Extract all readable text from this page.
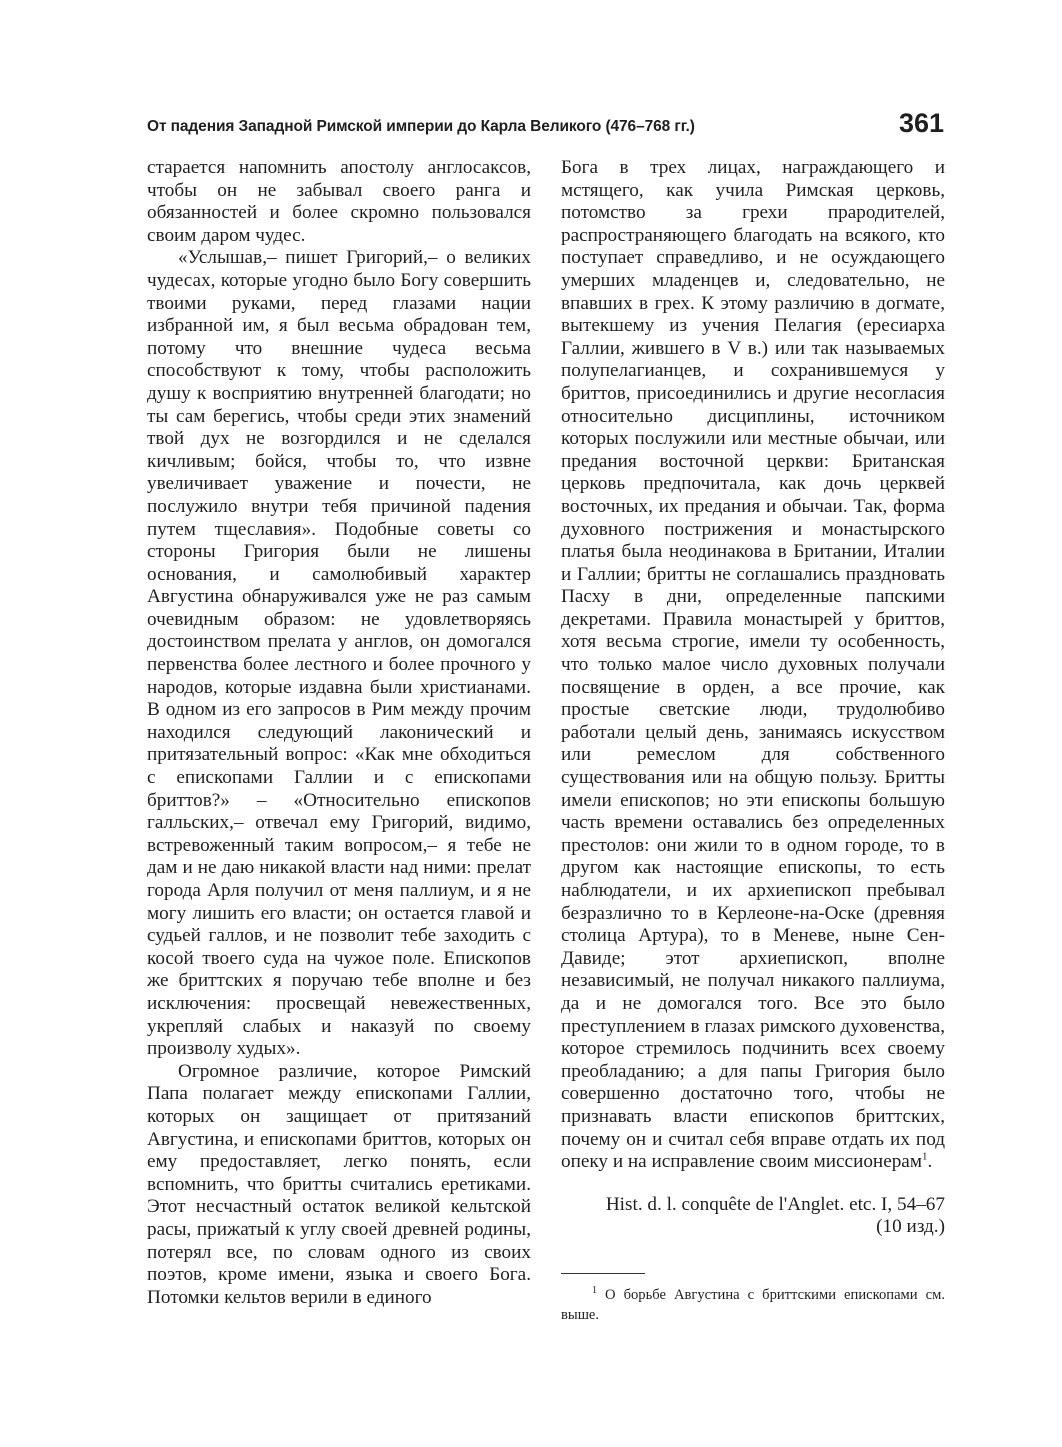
От падения Западной Римской империи до Карла Великого (476–768 гг.)	361

старается напомнить апостолу англосаксов, чтобы он не забывал своего ранга и обязанностей и более скромно пользовался своим даром чудес.

«Услышав,– пишет Григорий,– о великих чудесах, которые угодно было Богу совершить твоими руками, перед глазами нации избранной им, я был весьма обрадован тем, потому что внешние чудеса весьма способствуют к тому, чтобы расположить душу к восприятию внутренней благодати; но ты сам берегись, чтобы среди этих знамений твой дух не возгордился и не сделался кичливым; бойся, чтобы то, что извне увеличивает уважение и почести, не послужило внутри тебя причиной падения путем тщеславия». Подобные советы со стороны Григория были не лишены основания, и самолюбивый характер Августина обнаруживался уже не раз самым очевидным образом: не удовлетворяясь достоинством прелата у англов, он домогался первенства более лестного и более прочного у народов, которые издавна были христианами. В одном из его запросов в Рим между прочим находился следующий лаконический и притязательный вопрос: «Как мне обходиться с епископами Галлии и с епископами бриттов?» – «Относительно епископов галльских,– отвечал ему Григорий, видимо, встревоженный таким вопросом,– я тебе не дам и не даю никакой власти над ними: прелат города Арля получил от меня паллиум, и я не могу лишить его власти; он остается главой и судьей галлов, и не позволит тебе заходить с косой твоего суда на чужое поле. Епископов же бриттских я поручаю тебе вполне и без исключения: просвещай невежественных, укрепляй слабых и наказуй по своему произволу худых».

Огромное различие, которое Римский Папа полагает между епископами Галлии, которых он защищает от притязаний Августина, и епископами бриттов, которых он ему предоставляет, легко понять, если вспомнить, что бритты считались еретиками. Этот несчастный остаток великой кельтской расы, прижатый к углу своей древней родины, потерял все, по словам одного из своих поэтов, кроме имени, языка и своего Бога. Потомки кельтов верили в единого

Бога в трех лицах, награждающего и мстящего, как учила Римская церковь, потомство за грехи прародителей, распространяющего благодать на всякого, кто поступает справедливо, и не осуждающего умерших младенцев и, следовательно, не впавших в грех. К этому различию в догмате, вытекшему из учения Пелагия (ересиарха Галлии, жившего в V в.) или так называемых полупелагианцев, и сохранившемуся у бриттов, присоединились и другие несогласия относительно дисциплины, источником которых послужили или местные обычаи, или предания восточной церкви: Британская церковь предпочитала, как дочь церквей восточных, их предания и обычаи. Так, форма духовного пострижения и монастырского платья была неодинакова в Британии, Италии и Галлии; бритты не соглашались праздновать Пасху в дни, определенные папскими декретами. Правила монастырей у бриттов, хотя весьма строгие, имели ту особенность, что только малое число духовных получали посвящение в орден, а все прочие, как простые светские люди, трудолюбиво работали целый день, занимаясь искусством или ремеслом для собственного существования или на общую пользу. Бритты имели епископов; но эти епископы большую часть времени оставались без определенных престолов: они жили то в одном городе, то в другом как настоящие епископы, то есть наблюдатели, и их архиепископ пребывал безразлично то в Керлеоне-на-Оске (древняя столица Артура), то в Меневе, ныне Сен-Давиде; этот архиепископ, вполне независимый, не получал никакого паллиума, да и не домогался того. Все это было преступлением в глазах римского духовенства, которое стремилось подчинить всех своему преобладанию; а для папы Григория было совершенно достаточно того, чтобы не признавать власти епископов бриттских, почему он и считал себя вправе отдать их под опеку и на исправление своим миссионерам$^1$.

Hist. d. l. conquête de l'Anglet. etc. I, 54–67
(10 изд.)

$^1$ О борьбе Августина с бриттскими епископами см. выше.
